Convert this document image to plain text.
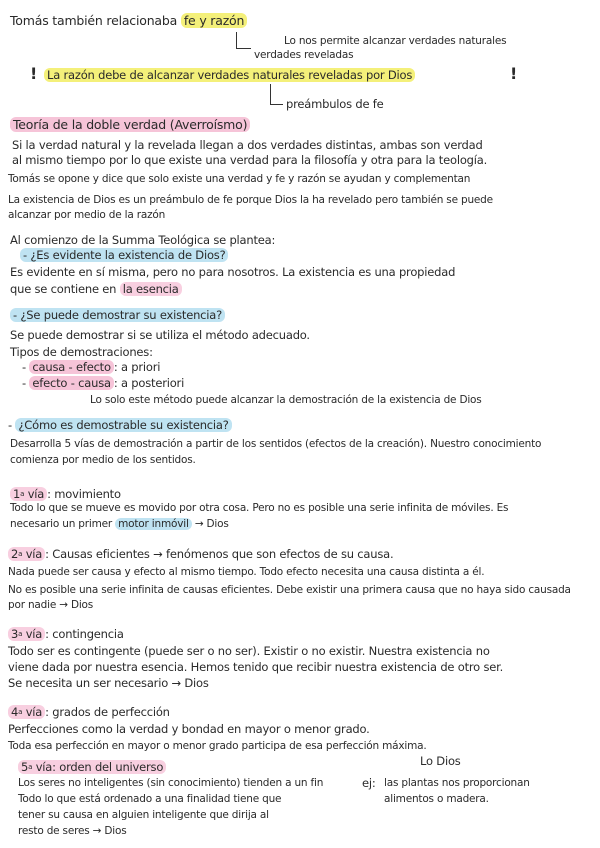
Tomás también relacionaba fe y razón
Lo nos permite alcanzar verdades naturales
verdades reveladas
! La razón debe de alcanzar verdades naturales reveladas por Dios	!
preámbulos de fe
Teoría de la doble verdad (Averroísmo)
Si la verdad natural y la revelada llegan a dos verdades distintas, ambas son verdad
al mismo tiempo por lo que existe una verdad para la filosofía y otra para la teología.
Tomás se opone y dice que solo existe una verdad y fe y razón se ayudan y complementan
La existencia de Dios es un preámbulo de fe porque Dios la ha revelado pero también se puede
alcanzar por medio de la razón
Al comienzo de la Summa Teológica se plantea:
- ¿Es evidente la existencia de Dios?
Es evidente en sí misma, pero no para nosotros. La existencia es una propiedad
que se contiene en la esencia
- ¿Se puede demostrar su existencia?
Se puede demostrar si se utiliza el método adecuado.
Tipos de demostraciones:
- causa - efecto : a priori
- efecto - causa : a posteriori
Lo solo este método puede alcanzar la demostración de la existencia de Dios
- ¿Cómo es demostrable su existencia?
Desarrolla 5 vías de demostración a partir de los sentidos (efectos de la creación). Nuestro conocimiento
comienza por medio de los sentidos.
1$^a$ vía : movimiento
Todo lo que se mueve es movido por otra cosa. Pero no es posible una serie infinita de móviles. Es
necesario un primer motor inmóvil → Dios
2$^a$ vía : Causas eficientes → fenómenos que son efectos de su causa.
Nada puede ser causa y efecto al mismo tiempo. Todo efecto necesita una causa distinta a él.
No es posible una serie infinita de causas eficientes. Debe existir una primera causa que no haya sido causada
por nadie → Dios
3$^a$ vía : contingencia
Todo ser es contingente (puede ser o no ser). Existir o no existir. Nuestra existencia no
viene dada por nuestra esencia. Hemos tenido que recibir nuestra existencia de otro ser.
Se necesita un ser necesario → Dios
4$^a$ vía : grados de perfección
Perfecciones como la verdad y bondad en mayor o menor grado.
Toda esa perfección en mayor o menor grado participa de esa perfección máxima.
Lo Dios
5$^a$ vía: orden del universo
Los seres no inteligentes (sin conocimiento) tienden a un fin
Todo lo que está ordenado a una finalidad tiene que
tener su causa en alguien inteligente que dirija al
resto de seres → Dios
ej: las plantas nos proporcionan
alimentos o madera.
